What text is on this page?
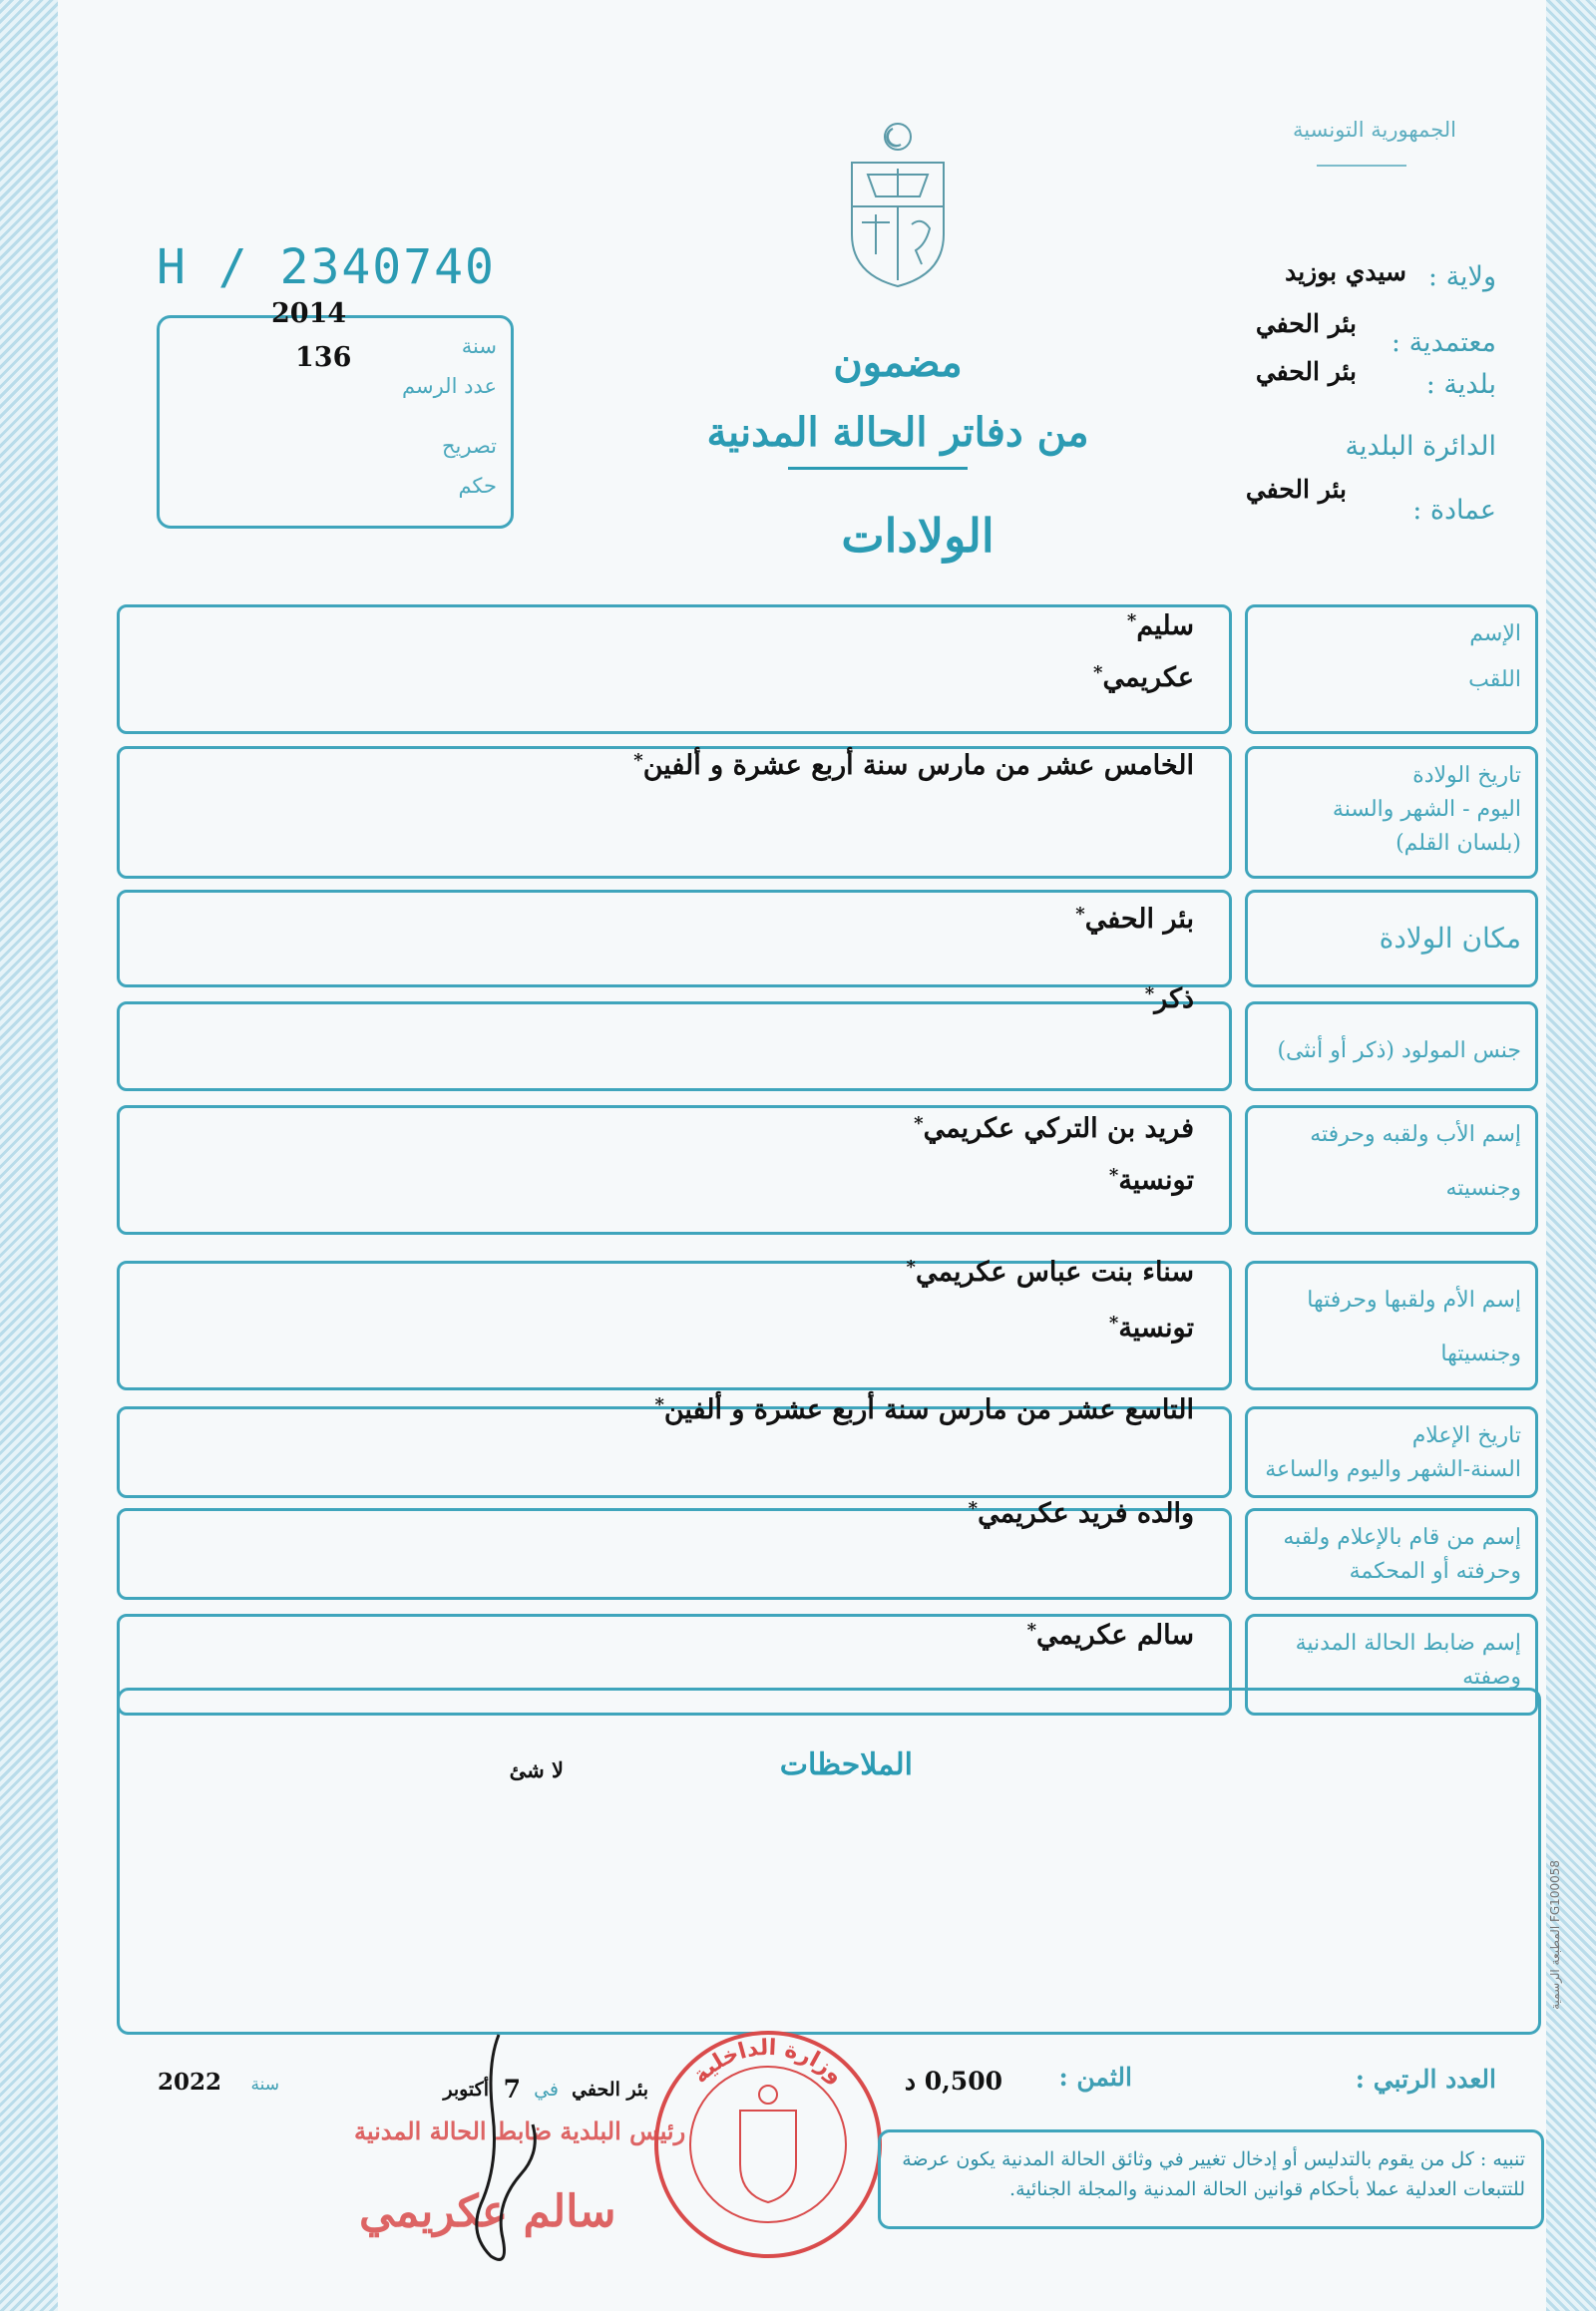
الجمهورية التونسية
H / 2340740
2014
136	سنة
عدد الرسم
تصريح
حكم
مضمون
من دفاتر الحالة المدنية
الولادات
ولاية :
سيدي بوزيد
معتمدية :
بئر الحفي
بلدية :
بئر الحفي
الدائرة البلدية
عمادة :
بئر الحفي
الإسم
اللقب
سليم*
عكريمي*
تاريخ الولادة
اليوم - الشهر والسنة
(بلسان القلم)
الخامس عشر من مارس سنة أربع عشرة و ألفين*
مكان الولادة
بئر الحفي*
جنس المولود (ذكر أو أنثى)
ذكر*
إسم الأب ولقبه وحرفته
وجنسيته
فريد بن التركي عكريمي*
تونسية*
إسم الأم ولقبها وحرفتها
وجنسيتها
سناء بنت عباس عكريمي*
تونسية*
تاريخ الإعلام
السنة-الشهر واليوم والساعة
التاسع عشر من مارس سنة أربع عشرة و ألفين*
إسم من قام بالإعلام ولقبه
وحرفته أو المحكمة
والده فريد عكريمي*
إسم ضابط الحالة المدنية
وصفته
سالم عكريمي*
الملاحظات
لا شئ
العدد الرتبي :
الثمن :
0,500 د
بئر الحفي
في
7
أكتوبر
سنة
2022	وزارة الداخلية
رئيس البلدية ضابط الحالة المدنية
سالم عكريمي
تنبيه : كل من يقوم بالتدليس أو إدخال تغيير في وثائق الحالة المدنية يكون عرضة
للتتبعات العدلية عملا بأحكام قوانين الحالة المدنية والمجلة الجنائية.
المطبعة الرسمية FG100058
